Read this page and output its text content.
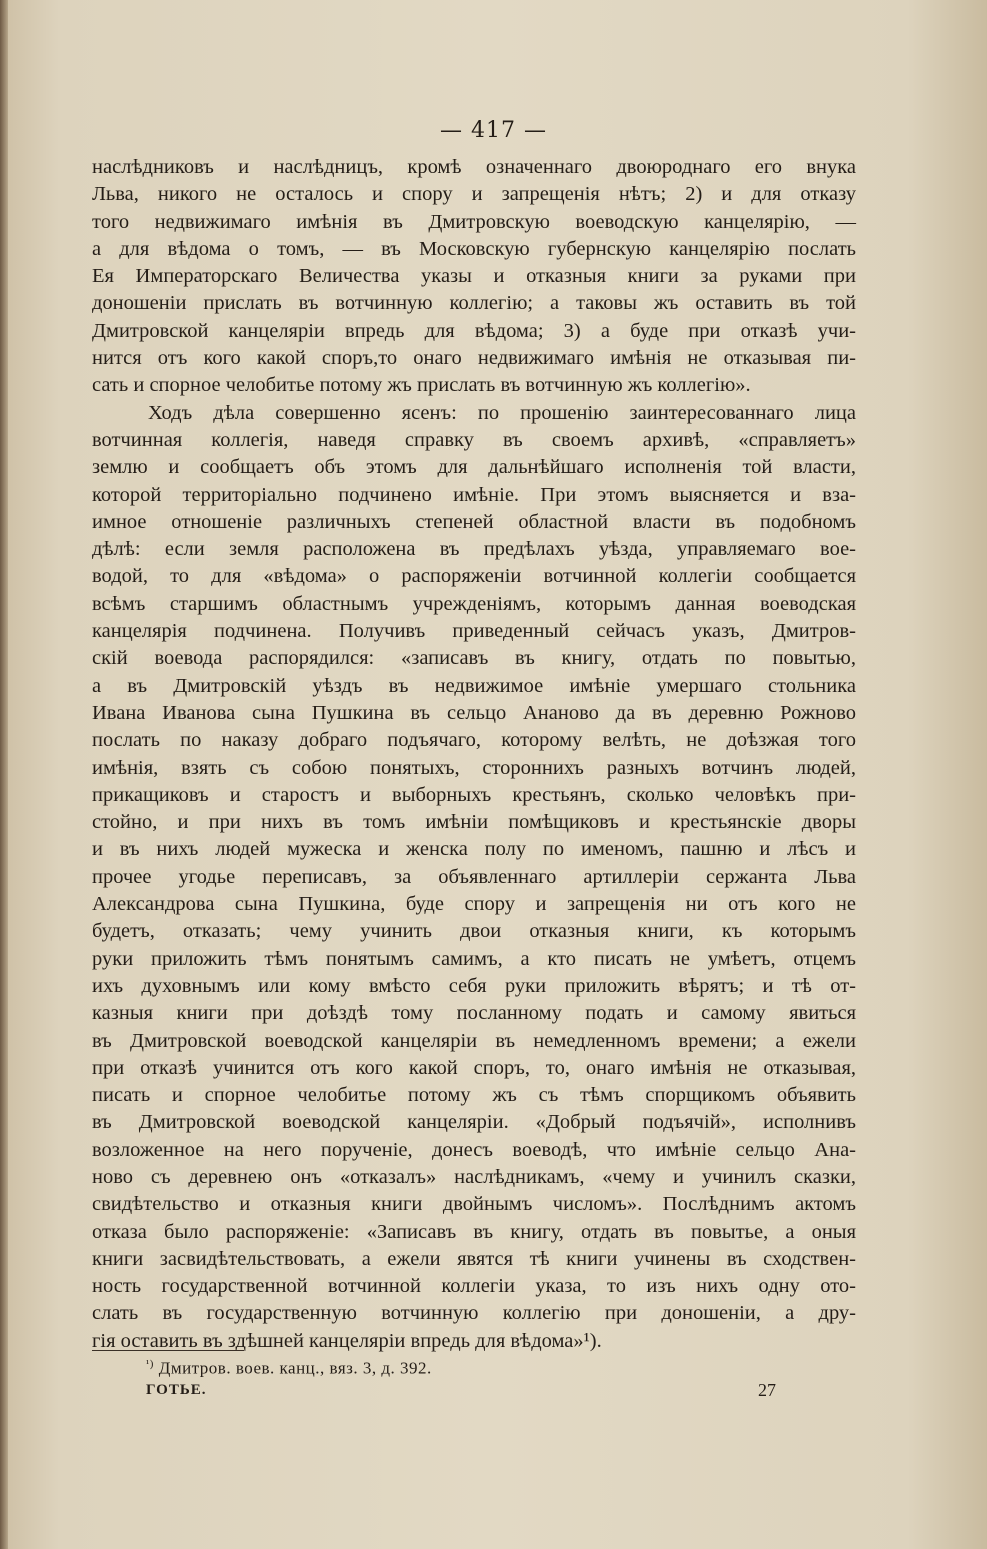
— 417 —
наслѣдниковъ и наслѣдницъ, кромѣ означеннаго двоюроднаго его внука
Льва, никого не осталось и спору и запрещенія нѣтъ; 2) и для отказу
того недвижимаго имѣнія въ Дмитровскую воеводскую канцелярію, —
а для вѣдома о томъ, — въ Московскую губернскую канцелярію послать
Ея Императорскаго Величества указы и отказныя книги за руками при
доношеніи прислать въ вотчинную коллегію; а таковы жъ оставить въ той
Дмитровской канцеляріи впредь для вѣдома; 3) а буде при отказѣ учи-
нится отъ кого какой споръ,то онаго недвижимаго имѣнія не отказывая пи-
сать и спорное челобитье потому жъ прислать въ вотчинную жъ коллегію».
Ходъ дѣла совершенно ясенъ: по прошенію заинтересованнаго лица
вотчинная коллегія, наведя справку въ своемъ архивѣ, «справляетъ»
землю и сообщаетъ объ этомъ для дальнѣйшаго исполненія той власти,
которой территоріально подчинено имѣніе. При этомъ выясняется и вза-
имное отношеніе различныхъ степеней областной власти въ подобномъ
дѣлѣ: если земля расположена въ предѣлахъ уѣзда, управляемаго вое-
водой, то для «вѣдома» о распоряженіи вотчинной коллегіи сообщается
всѣмъ старшимъ областнымъ учрежденіямъ, которымъ данная воеводская
канцелярія подчинена. Получивъ приведенный сейчасъ указъ, Дмитров-
скій воевода распорядился: «записавъ въ книгу, отдать по повытью,
а въ Дмитровскій уѣздъ въ недвижимое имѣніе умершаго стольника
Ивана Иванова сына Пушкина въ сельцо Ананово да въ деревню Рожново
послать по наказу добраго подъячаго, которому велѣть, не доѣзжая того
имѣнія, взять съ собою понятыхъ, стороннихъ разныхъ вотчинъ людей,
прикащиковъ и старостъ и выборныхъ крестьянъ, сколько человѣкъ при-
стойно, и при нихъ въ томъ имѣніи помѣщиковъ и крестьянскіе дворы
и въ нихъ людей мужеска и женска полу по именомъ, пашню и лѣсъ и
прочее угодье переписавъ, за объявленнаго артиллеріи сержанта Льва
Александрова сына Пушкина, буде спору и запрещенія ни отъ кого не
будетъ, отказать; чему учинить двои отказныя книги, къ которымъ
руки приложить тѣмъ понятымъ самимъ, а кто писать не умѣетъ, отцемъ
ихъ духовнымъ или кому вмѣсто себя руки приложить вѣрятъ; и тѣ от-
казныя книги при доѣздѣ тому посланному подать и самому явиться
въ Дмитровской воеводской канцеляріи въ немедленномъ времени; а ежели
при отказѣ учинится отъ кого какой споръ, то, онаго имѣнія не отказывая,
писать и спорное челобитье потому жъ съ тѣмъ спорщикомъ объявить
въ Дмитровской воеводской канцеляріи. «Добрый подъячій», исполнивъ
возложенное на него порученіе, донесъ воеводѣ, что имѣніе сельцо Ана-
ново съ деревнею онъ «отказалъ» наслѣдникамъ, «чему и учинилъ сказки,
свидѣтельство и отказныя книги двойнымъ числомъ». Послѣднимъ актомъ
отказа было распоряженіе: «Записавъ въ книгу, отдать въ повытье, а оныя
книги засвидѣтельствовать, а ежели явятся тѣ книги учинены въ сходствен-
ность государственной вотчинной коллегіи указа, то изъ нихъ одну ото-
слать въ государственную вотчинную коллегію при доношеніи, а дру-
гія оставить въ здѣшней канцеляріи впредь для вѣдома»¹).
$^{^1)}$ Дмитров. воев. канц., вяз. 3, д. 392.
ГОТЬЕ.	27
